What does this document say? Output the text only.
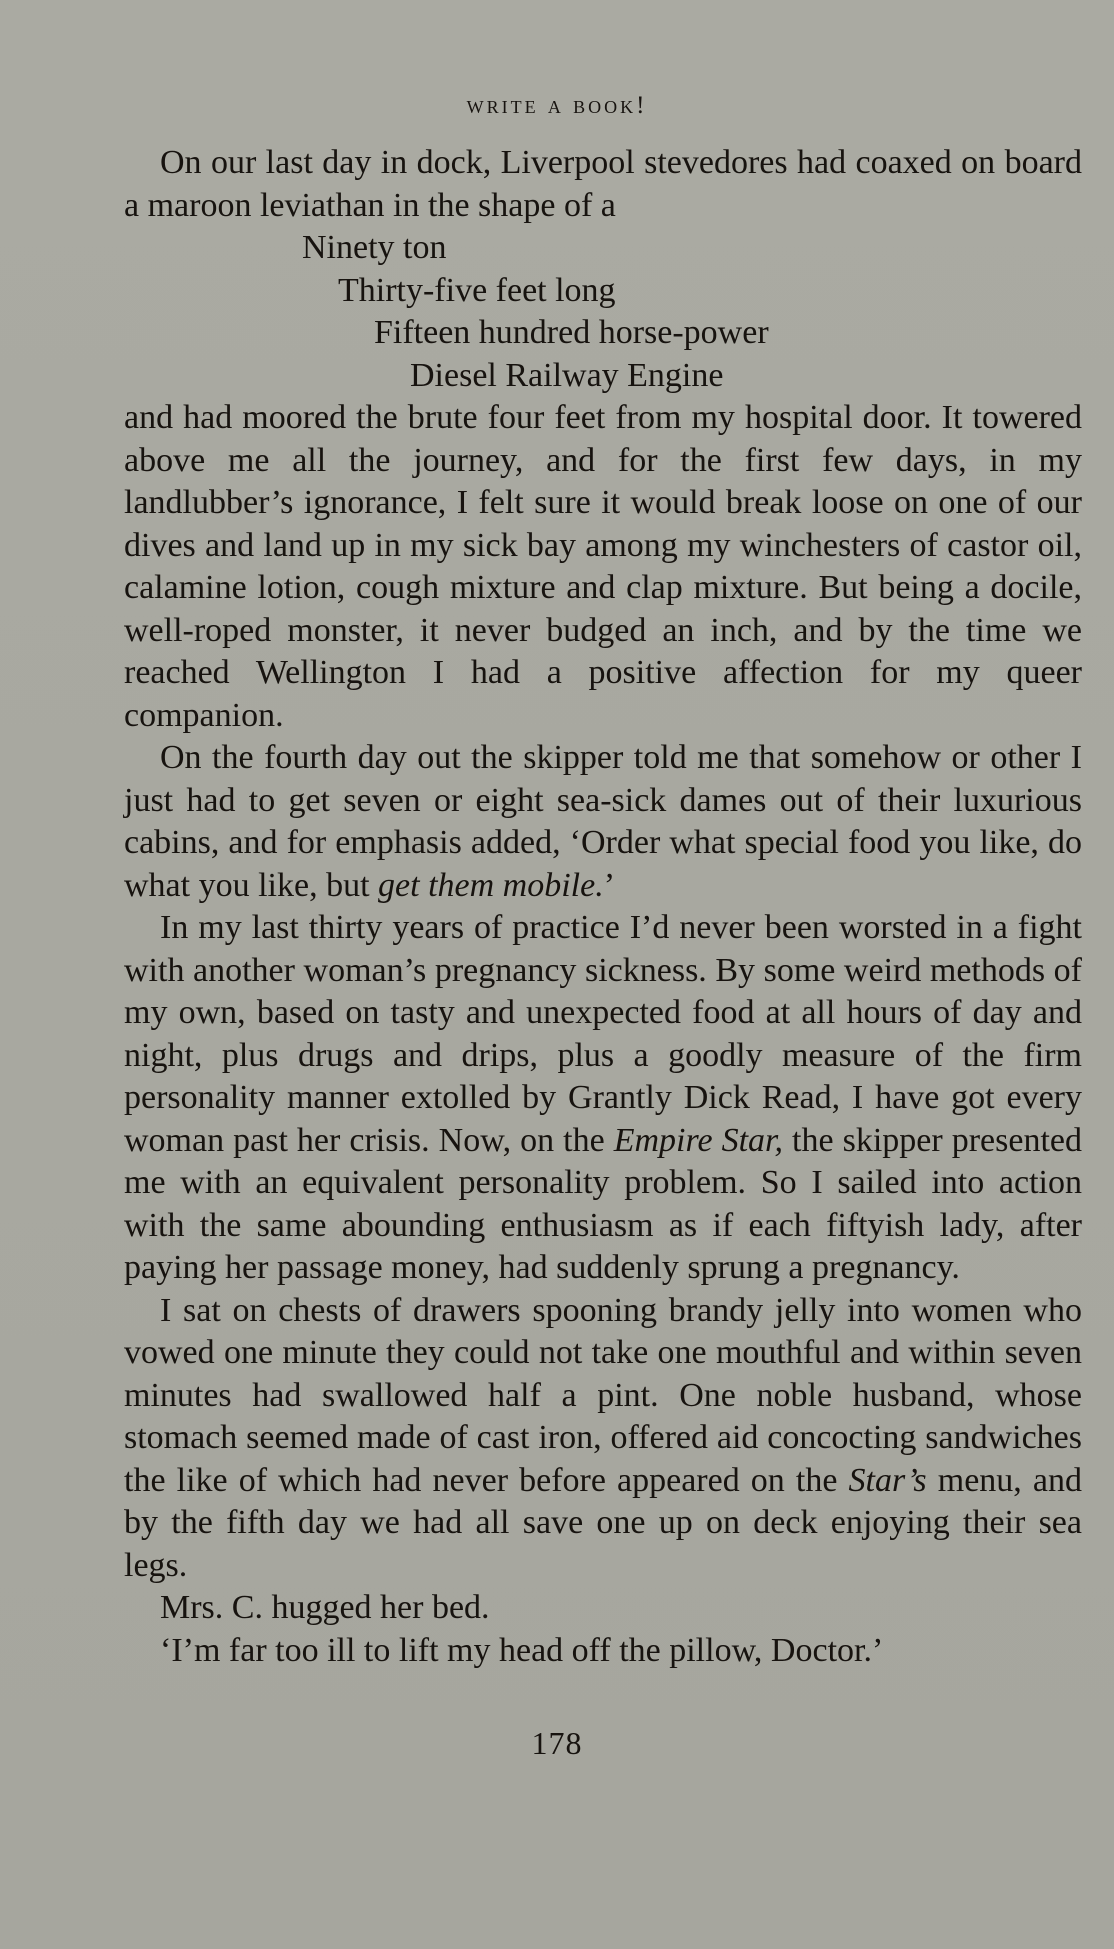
write a book!

On our last day in dock, Liverpool stevedores had coaxed on board a maroon leviathan in the shape of a

Ninety ton

Thirty-five feet long

Fifteen hundred horse-power

Diesel Railway Engine

and had moored the brute four feet from my hospital door. It towered above me all the journey, and for the first few days, in my landlubber’s ignorance, I felt sure it would break loose on one of our dives and land up in my sick bay among my winchesters of castor oil, calamine lotion, cough mixture and clap mixture. But being a docile, well-roped monster, it never budged an inch, and by the time we reached Wellington I had a positive affection for my queer companion.

On the fourth day out the skipper told me that somehow or other I just had to get seven or eight sea-sick dames out of their luxurious cabins, and for emphasis added, ‘Order what special food you like, do what you like, but get them mobile.’

In my last thirty years of practice I’d never been worsted in a fight with another woman’s pregnancy sickness. By some weird methods of my own, based on tasty and unexpected food at all hours of day and night, plus drugs and drips, plus a goodly measure of the firm personality manner extolled by Grantly Dick Read, I have got every woman past her crisis. Now, on the Empire Star, the skipper presented me with an equivalent personality problem. So I sailed into action with the same abounding enthusiasm as if each fiftyish lady, after paying her passage money, had suddenly sprung a pregnancy.

I sat on chests of drawers spooning brandy jelly into women who vowed one minute they could not take one mouthful and within seven minutes had swallowed half a pint. One noble husband, whose stomach seemed made of cast iron, offered aid concocting sandwiches the like of which had never before appeared on the Star’s menu, and by the fifth day we had all save one up on deck enjoying their sea legs.

Mrs. C. hugged her bed.

‘I’m far too ill to lift my head off the pillow, Doctor.’

178
